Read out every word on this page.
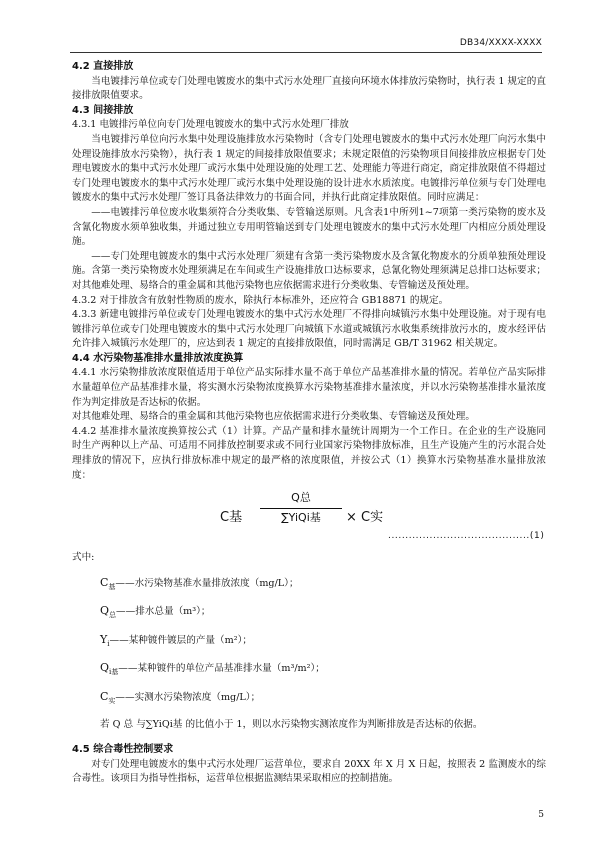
DB34/XXXX-XXXX

4.2 直接排放

当电镀排污单位或专门处理电镀废水的集中式污水处理厂直接向环境水体排放污染物时，执行表 1 规定的直接排放限值要求。

4.3 间接排放

4.3.1 电镀排污单位向专门处理电镀废水的集中式污水处理厂排放

当电镀排污单位向污水集中处理设施排放水污染物时（含专门处理电镀废水的集中式污水处理厂向污水集中处理设施排放水污染物），执行表 1 规定的间接排放限值要求；未规定限值的污染物项目间接排放应根据专门处理电镀废水的集中式污水处理厂或污水集中处理设施的处理工艺、处理能力等进行商定，商定排放限值不得超过专门处理电镀废水的集中式污水处理厂或污水集中处理设施的设计进水水质浓度。电镀排污单位须与专门处理电镀废水的集中式污水处理厂签订具备法律效力的书面合同，并执行此商定排放限值。同时应满足：

——电镀排污单位废水收集须符合分类收集、专管输送原则。凡含表1中所列1~7项第一类污染物的废水及含氰化物废水须单独收集，并通过独立专用明管输送到专门处理电镀废水的集中式污水处理厂内相应分质处理设施。

——专门处理电镀废水的集中式污水处理厂须建有含第一类污染物废水及含氰化物废水的分质单独预处理设施。含第一类污染物废水处理须满足在车间或生产设施排放口达标要求，总氰化物处理须满足总排口达标要求；对其他难处理、易络合的重金属和其他污染物也应依据需求进行分类收集、专管输送及预处理。

4.3.2 对于排放含有放射性物质的废水，除执行本标准外，还应符合 GB18871 的规定。

4.3.3 新建电镀排污单位或专门处理电镀废水的集中式污水处理厂不得排向城镇污水集中处理设施。对于现有电镀排污单位或专门处理电镀废水的集中式污水处理厂向城镇下水道或城镇污水收集系统排放污水的，废水经评估允许排入城镇污水处理厂的，应达到表 1 规定的直接排放限值，同时需满足 GB/T 31962 相关规定。

4.4 水污染物基准排水量排放浓度换算

4.4.1 水污染物排放浓度限值适用于单位产品实际排水量不高于单位产品基准排水量的情况。若单位产品实际排水量超单位产品基准排水量，将实测水污染物浓度换算水污染物基准排水量浓度，并以水污染物基准排水量浓度作为判定排放是否达标的依据。

对其他难处理、易络合的重金属和其他污染物也应依据需求进行分类收集、专管输送及预处理。

4.4.2 基准排水量浓度换算按公式（1）计算。产品产量和排水量统计周期为一个工作日。在企业的生产设施同时生产两种以上产品、可适用不同排放控制要求或不同行业国家污染物排放标准，且生产设施产生的污水混合处理排放的情况下，应执行排放标准中规定的最严格的浓度限值，并按公式（1）换算水污染物基准水量排放浓度：

C基
Q总
∑YiQi基	× C实
.........................................(1)

式中:

$C_基——$水污染物基准水量排放浓度（mg/L）；

$Q_总——$排水总量（m³）；

$Y_i——$某种镀件镀层的产量（m²）；

$Q_{i基}——$某种镀件的单位产品基准排水量（m³/m²）；

$C_实——$实测水污染物浓度（mg/L）；

若 Q 总 与∑YiQi基 的比值小于 1，则以水污染物实测浓度作为判断排放是否达标的依据。

4.5 综合毒性控制要求

对专门处理电镀废水的集中式污水处理厂运营单位，要求自 20XX 年 X 月 X 日起，按照表 2 监测废水的综合毒性。该项目为指导性指标，运营单位根据监测结果采取相应的控制措施。

5
